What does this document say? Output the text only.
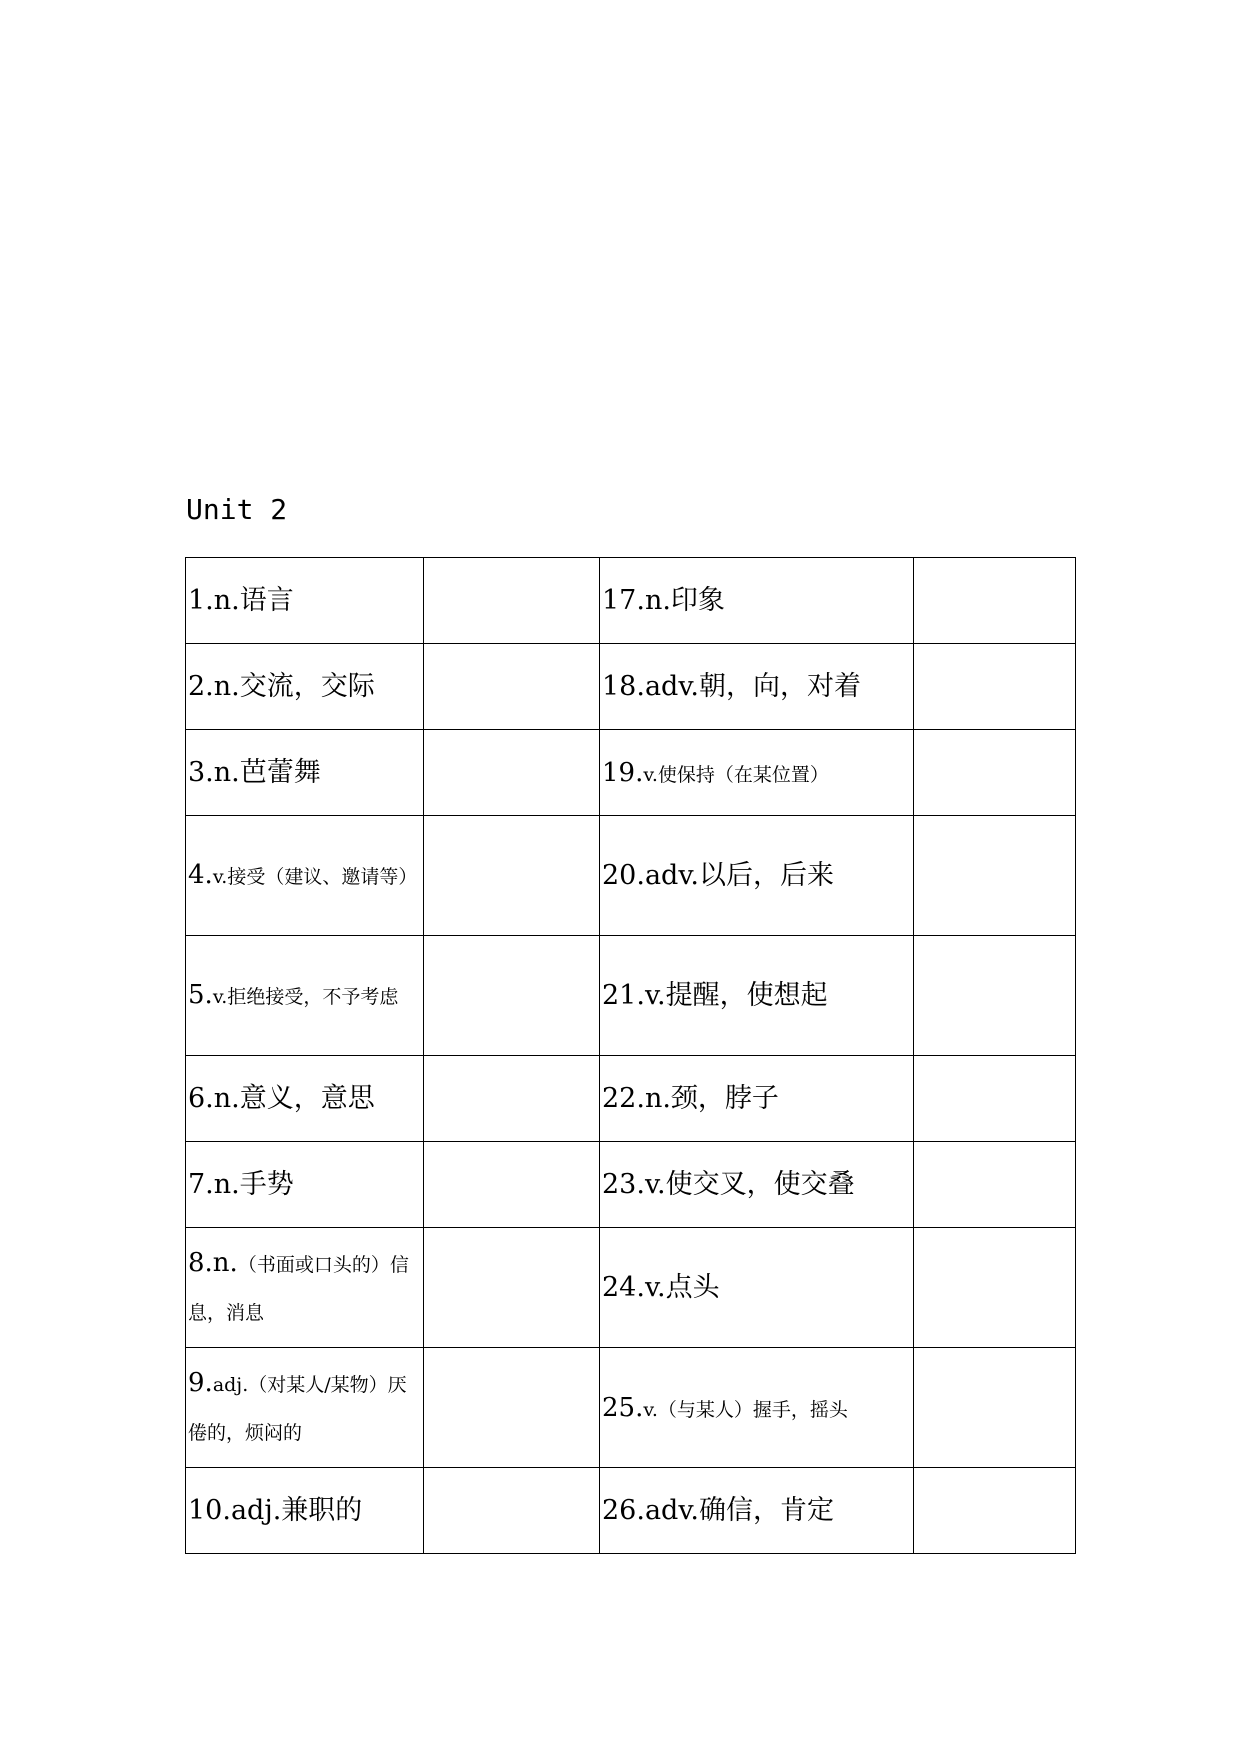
Unit 2
1.n.语言		17.n.印象	

2.n.交流，交际		18.adv.朝，向，对着	

3.n.芭蕾舞		19.v.使保持（在某位置）	

4.v.接受（建议、邀请等）		20.adv.以后，后来	

5.v.拒绝接受，不予考虑		21.v.提醒，使想起	

6.n.意义，意思		22.n.颈，脖子	

7.n.手势		23.v.使交叉，使交叠	

8.n.（书面或口头的）信息，消息		24.v.点头	

9.adj.（对某人/某物）厌倦的，烦闷的		25.v.（与某人）握手，摇头	

10.adj.兼职的		26.adv.确信，肯定	
